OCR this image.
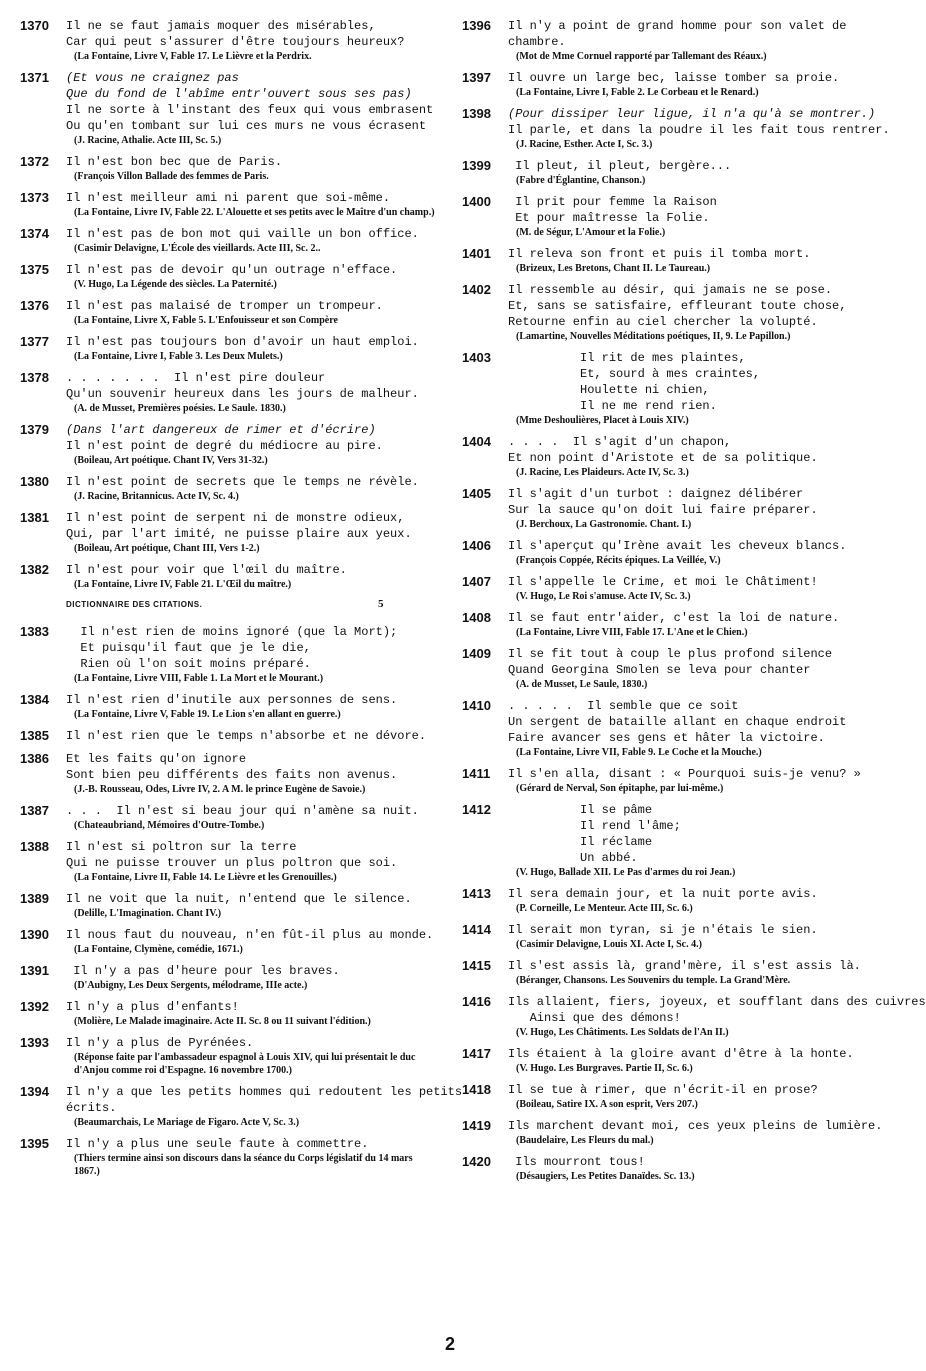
1370	Il ne se faut jamais moquer des misérables,
Car qui peut s'assurer d'être toujours heureux?
(La Fontaine, Livre V, Fable 17. Le Lièvre et la Perdrix.
1371	(Et vous ne craignez pas
Que du fond de l'abîme entr'ouvert sous ses pas)
Il ne sorte à l'instant des feux qui vous embrasent
Ou qu'en tombant sur lui ces murs ne vous écrasent
(J. Racine, Athalie. Acte III, Sc. 5.)
1372	Il n'est bon bec que de Paris.
(François Villon Ballade des femmes de Paris.
1373	Il n'est meilleur ami ni parent que soi-même.
(La Fontaine, Livre IV, Fable 22. L'Alouette et ses petits avec le Maître d'un champ.)
1374	Il n'est pas de bon mot qui vaille un bon office.
(Casimir Delavigne, L'École des vieillards. Acte III, Sc. 2..
1375	Il n'est pas de devoir qu'un outrage n'efface.
(V. Hugo, La Légende des siècles. La Paternité.)
1376	Il n'est pas malaisé de tromper un trompeur.
(La Fontaine, Livre X, Fable 5. L'Enfouisseur et son Compère
1377	Il n'est pas toujours bon d'avoir un haut emploi.
(La Fontaine, Livre I, Fable 3. Les Deux Mulets.)
1378	. . . . . . .  Il n'est pire douleur
Qu'un souvenir heureux dans les jours de malheur.
(A. de Musset, Premières poésies. Le Saule. 1830.)
1379	(Dans l'art dangereux de rimer et d'écrire)
Il n'est point de degré du médiocre au pire.
(Boileau, Art poétique. Chant IV, Vers 31-32.)
1380	Il n'est point de secrets que le temps ne révèle.
(J. Racine, Britannicus. Acte IV, Sc. 4.)
1381	Il n'est point de serpent ni de monstre odieux,
Qui, par l'art imité, ne puisse plaire aux yeux.
(Boileau, Art poétique, Chant III, Vers 1-2.)
1382	Il n'est pour voir que l'œil du maître.
(La Fontaine, Livre IV, Fable 21. L'Œil du maître.)
DICTIONNAIRE DES CITATIONS.	5
1383	Il n'est rien de moins ignoré (que la Mort);
Et puisqu'il faut que je le die,
Rien où l'on soit moins préparé.
(La Fontaine, Livre VIII, Fable 1. La Mort et le Mourant.)
1384	Il n'est rien d'inutile aux personnes de sens.
(La Fontaine, Livre V, Fable 19. Le Lion s'en allant en guerre.)
1385	Il n'est rien que le temps n'absorbe et ne dévore.
1386	Et les faits qu'on ignore
Sont bien peu différents des faits non avenus.
(J.-B. Rousseau, Odes, Livre IV, 2. A M. le prince Eugène de Savoie.)
1387	. . .  Il n'est si beau jour qui n'amène sa nuit.
(Chateaubriand, Mémoires d'Outre-Tombe.)
1388	Il n'est si poltron sur la terre
Qui ne puisse trouver un plus poltron que soi.
(La Fontaine, Livre II, Fable 14. Le Lièvre et les Grenouilles.)
1389	Il ne voit que la nuit, n'entend que le silence.
(Delille, L'Imagination. Chant IV.)
1390	Il nous faut du nouveau, n'en fût-il plus au monde.
(La Fontaine, Clymène, comédie, 1671.)
1391	Il n'y a pas d'heure pour les braves.
(D'Aubigny, Les Deux Sergents, mélodrame, IIIe acte.)
1392	Il n'y a plus d'enfants!
(Molière, Le Malade imaginaire. Acte II. Sc. 8 ou 11 suivant l'édition.)
1393	Il n'y a plus de Pyrénées.
(Réponse faite par l'ambassadeur espagnol à Louis XIV, qui lui présentait le duc d'Anjou comme roi d'Espagne. 16 novembre 1700.)
1394	Il n'y a que les petits hommes qui redoutent les petits
écrits.
(Beaumarchais, Le Mariage de Figaro. Acte V, Sc. 3.)
1395	Il n'y a plus une seule faute à commettre.
(Thiers termine ainsi son discours dans la séance du Corps législatif du 14 mars 1867.)
1396	Il n'y a point de grand homme pour son valet de
chambre.
(Mot de Mme Cornuel rapporté par Tallemant des Réaux.)
1397	Il ouvre un large bec, laisse tomber sa proie.
(La Fontaine, Livre I, Fable 2. Le Corbeau et le Renard.)
1398	(Pour dissiper leur ligue, il n'a qu'à se montrer.)
Il parle, et dans la poudre il les fait tous rentrer.
(J. Racine, Esther. Acte I, Sc. 3.)
1399	Il pleut, il pleut, bergère...
(Fabre d'Églantine, Chanson.)
1400	Il prit pour femme la Raison
Et pour maîtresse la Folie.
(M. de Ségur, L'Amour et la Folie.)
1401	Il releva son front et puis il tomba mort.
(Brizeux, Les Bretons, Chant II. Le Taureau.)
1402	Il ressemble au désir, qui jamais ne se pose.
Et, sans se satisfaire, effleurant toute chose,
Retourne enfin au ciel chercher la volupté.
(Lamartine, Nouvelles Méditations poétiques, II, 9. Le Papillon.)
1403	Il rit de mes plaintes,
Et, sourd à mes craintes,
Houlette ni chien,
Il ne me rend rien.
(Mme Deshoulières, Placet à Louis XIV.)
1404	. . . .  Il s'agit d'un chapon,
Et non point d'Aristote et de sa politique.
(J. Racine, Les Plaideurs. Acte IV, Sc. 3.)
1405	Il s'agit d'un turbot : daignez délibérer
Sur la sauce qu'on doit lui faire préparer.
(J. Berchoux, La Gastronomie. Chant. I.)
1406	Il s'aperçut qu'Irène avait les cheveux blancs.
(François Coppée, Récits épiques. La Veillée, V.)
1407	Il s'appelle le Crime, et moi le Châtiment!
(V. Hugo, Le Roi s'amuse. Acte IV, Sc. 3.)
1408	Il se faut entr'aider, c'est la loi de nature.
(La Fontaine, Livre VIII, Fable 17. L'Ane et le Chien.)
1409	Il se fit tout à coup le plus profond silence
Quand Georgina Smolen se leva pour chanter
(A. de Musset, Le Saule, 1830.)
1410	. . . . .  Il semble que ce soit
Un sergent de bataille allant en chaque endroit
Faire avancer ses gens et hâter la victoire.
(La Fontaine, Livre VII, Fable 9. Le Coche et la Mouche.)
1411	Il s'en alla, disant : « Pourquoi suis-je venu? »
(Gérard de Nerval, Son épitaphe, par lui-même.)
1412	Il se pâme
Il rend l'âme;
Il réclame
Un abbé.
(V. Hugo, Ballade XII. Le Pas d'armes du roi Jean.)
1413	Il sera demain jour, et la nuit porte avis.
(P. Corneille, Le Menteur. Acte III, Sc. 6.)
1414	Il serait mon tyran, si je n'étais le sien.
(Casimir Delavigne, Louis XI. Acte I, Sc. 4.)
1415	Il s'est assis là, grand'mère, il s'est assis là.
(Béranger, Chansons. Les Souvenirs du temple. La Grand'Mère.
1416	Ils allaient, fiers, joyeux, et soufflant dans des cuivres
Ainsi que des démons!
(V. Hugo, Les Châtiments. Les Soldats de l'An II.)
1417	Ils étaient à la gloire avant d'être à la honte.
(V. Hugo. Les Burgraves. Partie II, Sc. 6.)
1418	Il se tue à rimer, que n'écrit-il en prose?
(Boileau, Satire IX. A son esprit, Vers 207.)
1419	Ils marchent devant moi, ces yeux pleins de lumière.
(Baudelaire, Les Fleurs du mal.)
1420	Ils mourront tous!
(Désaugiers, Les Petites Danaïdes. Sc. 13.)
2
